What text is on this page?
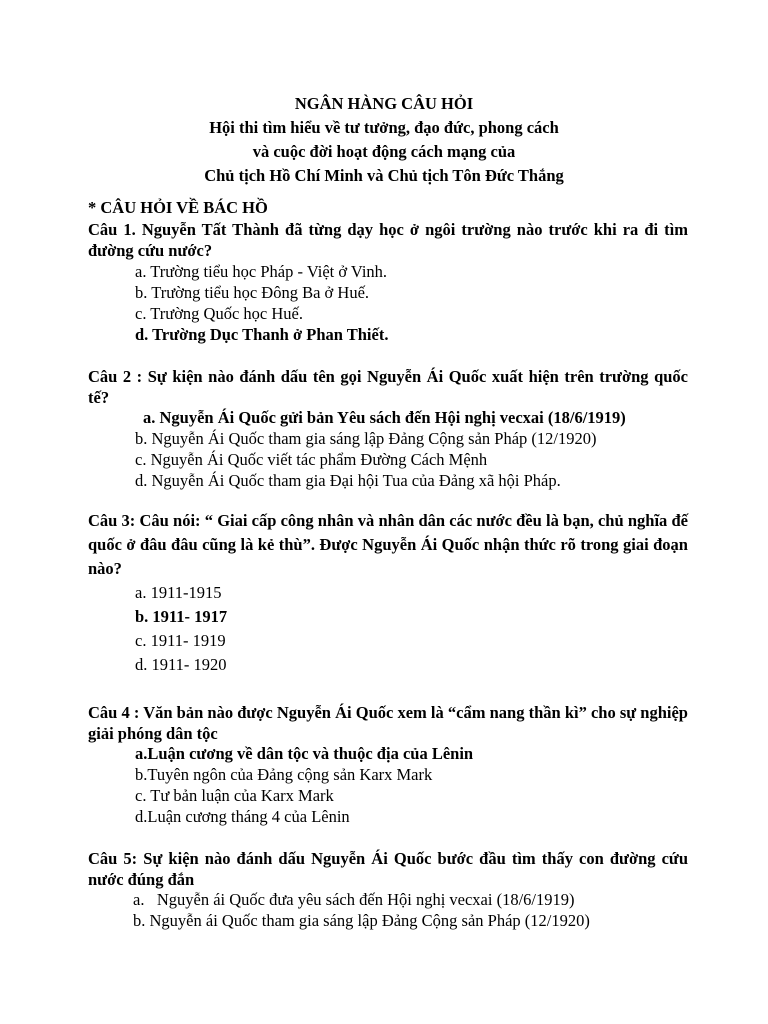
NGÂN HÀNG CÂU HỎI
Hội thi tìm hiểu về tư tưởng, đạo đức, phong cách
và cuộc đời hoạt động cách mạng của
Chủ tịch Hồ Chí Minh và Chủ tịch Tôn Đức Thắng
* CÂU HỎI VỀ BÁC HỒ
Câu 1. Nguyễn Tất Thành đã từng dạy học ở ngôi trường nào trước khi ra đi tìm đường cứu nước?
a. Trường tiểu học Pháp - Việt ở Vinh.
b. Trường tiểu học Đông Ba ở Huế.
c. Trường Quốc học Huế.
d. Trường Dục Thanh ở Phan Thiết.
Câu 2 : Sự kiện nào đánh dấu tên gọi Nguyễn Ái Quốc xuất hiện trên trường quốc tế?
a. Nguyễn Ái Quốc gửi bản Yêu sách đến Hội nghị vecxai (18/6/1919)
b. Nguyễn Ái Quốc tham gia sáng lập Đảng Cộng sản Pháp (12/1920)
c. Nguyễn Ái Quốc viết tác phẩm Đường Cách Mệnh
d. Nguyễn Ái Quốc tham gia Đại hội Tua của Đảng xã hội Pháp.
Câu 3: Câu nói: “ Giai cấp công nhân và nhân dân các nước đều là bạn, chủ nghĩa đế quốc ở đâu đâu cũng là kẻ thù”. Được Nguyễn Ái Quốc nhận thức rõ trong giai đoạn nào?
a. 1911-1915
b. 1911- 1917
c. 1911- 1919
d. 1911- 1920
Câu 4 : Văn bản nào được Nguyễn Ái Quốc xem là “cẩm nang thần kì” cho sự nghiệp giải phóng dân tộc
a.Luận cương về dân tộc và thuộc địa của Lênin
b.Tuyên ngôn của Đảng cộng sản Karx Mark
c. Tư bản luận của Karx Mark
d.Luận cương tháng 4 của Lênin
Câu 5: Sự kiện nào đánh dấu Nguyễn Ái Quốc bước đầu tìm thấy con đường cứu nước đúng đắn
a.   Nguyễn ái Quốc đưa yêu sách đến Hội nghị vecxai (18/6/1919)
b. Nguyễn ái Quốc tham gia sáng lập Đảng Cộng sản Pháp (12/1920)
